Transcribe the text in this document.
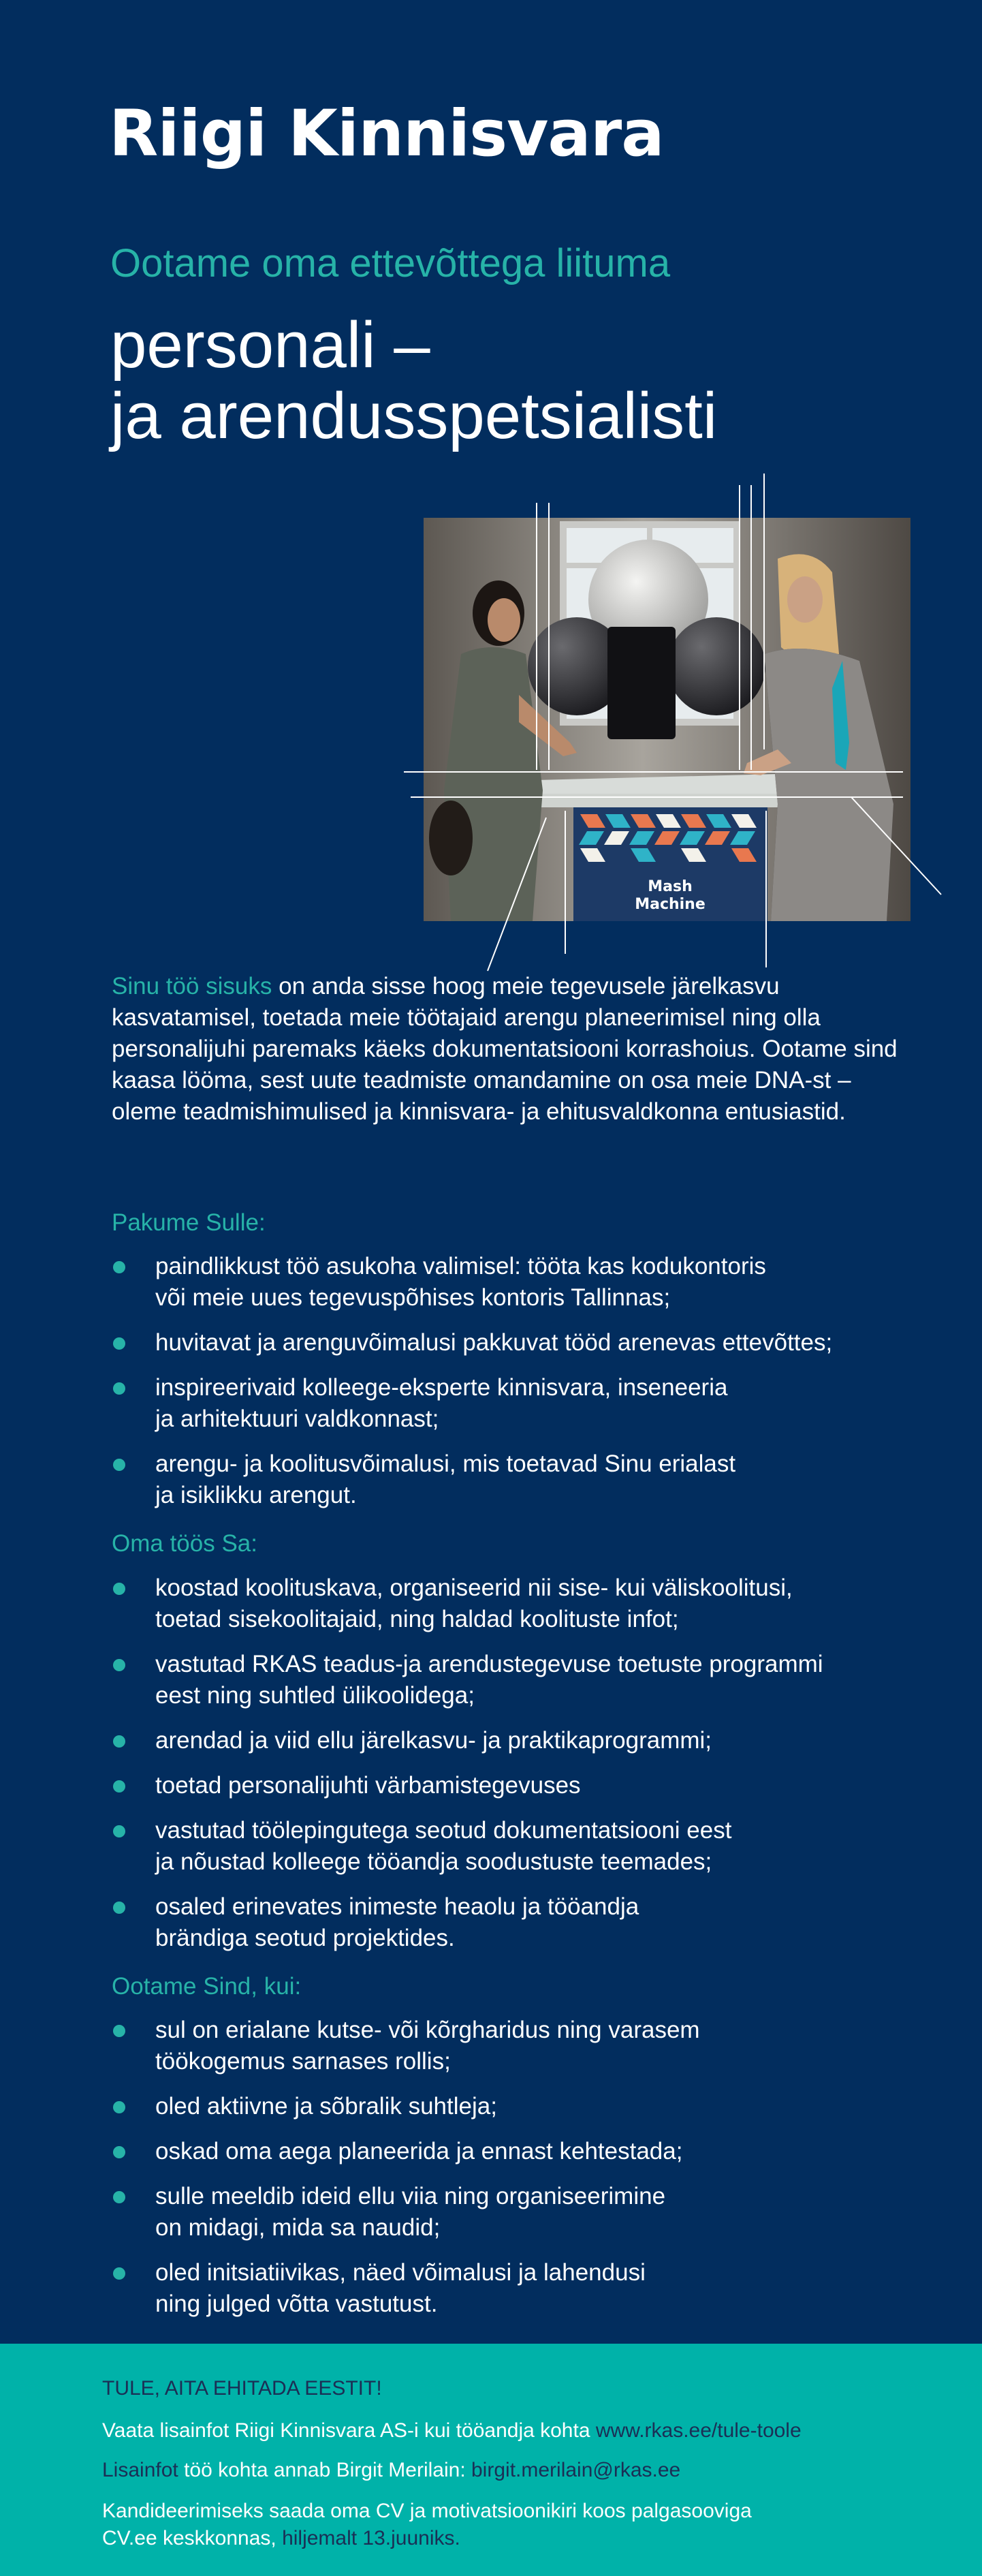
Riigi Kinnisvara
Ootame oma ettevõttega liituma
personali –
ja arendusspetsialisti
Mash
Machine

Sinu töö sisuks on anda sisse hoog meie tegevusele järelkasvu kasvatamisel, toetada meie töötajaid arengu planeerimisel ning olla personalijuhi paremaks käeks dokumentatsiooni korrashoius. Ootame sind kaasa lööma, sest uute teadmiste omandamine on osa meie DNA-st – oleme teadmishimulised ja kinnisvara- ja ehitusvaldkonna entusiastid.

Pakume Sulle:
paindlikkust töö asukoha valimisel: tööta kas kodukontoris
või meie uues tegevuspõhises kontoris Tallinnas;
huvitavat ja arenguvõimalusi pakkuvat tööd arenevas ettevõttes;
inspireerivaid kolleege-eksperte kinnisvara, inseneeria
ja arhitektuuri valdkonnast;
arengu- ja koolitusvõimalusi, mis toetavad Sinu erialast
ja isiklikku arengut.
Oma töös Sa:
koostad koolituskava, organiseerid nii sise- kui väliskoolitusi,
toetad sisekoolitajaid, ning haldad koolituste infot;
vastutad RKAS teadus-ja arendustegevuse toetuste programmi
eest ning suhtled ülikoolidega;
arendad ja viid ellu järelkasvu- ja praktikaprogrammi;
toetad personalijuhti värbamistegevuses
vastutad töölepingutega seotud dokumentatsiooni eest
ja nõustad kolleege tööandja soodustuste teemades;
osaled erinevates inimeste heaolu ja tööandja
brändiga seotud projektides.
Ootame Sind, kui:
sul on erialane kutse- või kõrgharidus ning varasem
töökogemus sarnases rollis;
oled aktiivne ja sõbralik suhtleja;
oskad oma aega planeerida ja ennast kehtestada;
sulle meeldib ideid ellu viia ning organiseerimine
on midagi, mida sa naudid;
oled initsiatiivikas, näed võimalusi ja lahendusi
ning julged võtta vastutust.
TULE, AITA EHITADA EESTIT!
Vaata lisainfot Riigi Kinnisvara AS-i kui tööandja kohta www.rkas.ee/tule-toole
Lisainfot töö kohta annab Birgit Merilain: birgit.merilain@rkas.ee
Kandideerimiseks saada oma CV ja motivatsioonikiri koos palgasooviga
CV.ee keskkonnas, hiljemalt 13.juuniks.
